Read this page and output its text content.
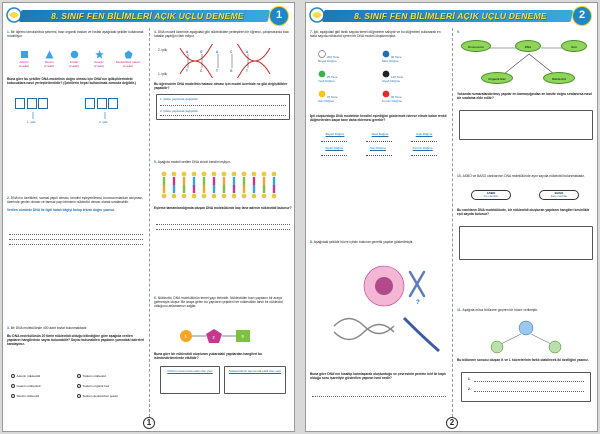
8. SINIF FEN BİLİMLERİ AÇIK UÇLU DENEME	1
1.Bir öğrenci deoksiriboz şekerini, bazı organik bazları ve fosfatı aşağıdaki şekiller kullanarak modelliyor.
Adenin
(2 adet)
Sitozin
(2 adet)
Fosfat
(2 adet)
Guanin
(2 adet)
Deoksiriboz şekeri
(2 adet)
Buna göre bu şekiller DNA modelinin doğru olması için DNA'nın iplikçiklerindeki kutucuklara nasıl yerleştirilmelidir? (Şekillerin hepsi kullanılmak zorunda değildir.)
1. iplik	2. iplik
2.DNA'nın özellikleri, sarmal yapılı olması, kendini eşleyebilmesi, kromozomlardan oluşması, üzerinde genler olması ve tamsal yapı biriminin nükleotid olması olarak sıralanabilir.
Verilen cümlede DNA ile ilgili hatalı bilgiyi bulup tekrar doğru yazınız.
3.Bir DNA molekülünde 400 adet fosfat bulunmaktadır.
Bu DNA molekülünün 20 timin nükleotidi olduğu bilindiğine göre aşağıda verilen yapıların hangilerinin sayısı bulunabilir? Sayısı bulunabilen yapıların yanındaki daireleri karalayınız.
Adenin nükleotidi	Toplam nükleotid
Guanin nükleotidi	Toplam organik baz
Sitozin nükleotid	Toplam deoksiriboz şekeri
4.DNA modeli üzerinde aşağıdaki gibi nükleotidleri yerleştiren bir öğrenci, çalışmasında bazı hatalar yaptığını fark ediyor.
2. iplik
1. iplik
A	G	A	C	A
T	C	T	G	T
Bu öğrencinin DNA modelinin hatasız olması için model üzerinde ne gibi değişiklikler yapabilir?
1. iplikte yapılacak değişiklik:
2. iplikte yapılacak değişiklik:
5.Aşağıda modeli verilen DNA zinciri kendini eşliyor.
Eşleme tamamlandığında oluşan DNA molekülünde kaç tane adenin nükleotidi bulunur?
6.Nükleotid, DNA molekülünün temel yapı birimidir. Nükleotidler bazı yapıların bir araya gelmesiyle oluşur. Bir araya gelen bu yapıların çeşitleri her nükleotidin farklı bir nükleotid olduğunu anlamamızı sağlar.
1	2	3
Buna göre bir nükleotidi oluşturan yukarıdaki yapılardan hangileri bu isimlendirilmelerde etkilidir?
DNA'nın tanımında etkili olan yapı	Nükleotidlerin tanımında etkili olan yapı
1
8. SINIF FEN BİLİMLERİ AÇIK UÇLU DENEME	2
7.İpil, aşağıdaki gibi farklı sayıda temel düğmelere sahiptir ve bu düğmeleri kullanarak en fazla sayıda nükleotid içeren bir DNA modeli oluşturmuştur.
200 Tane
Beyaz Düğme
30 Tane
Mavi Düğme
25 Tane
Yeşil Düğme
120 Tane
Siyah Düğme
70 Tane
Sarı Düğme
30 Tane
Kırmızı Düğme
İpil oluşturduğu DNA modelinin kendini eşlediğini göstermek isterse elinde kalan renkli düğmelerden kaçar tane daha eklemesi gerekir?
Beyaz Düğme	Mavi Düğme	Yeşil Düğme
Siyah Düğme	Sarı Düğme	Kırmızı Düğme
8.Aşağıdaki şekilde hücre içinde bulunan genetik yapılar gösterilmiştir.
?
Buna göre DNA'nın kısaltıp kalınlaşarak oluşturduğu ve çevresinin protein kılıf ile kaplı olduğu soru işaretiyle gösterilen yapının ismi nedir?
9.
Kromozom	DNA	Gen
Organik Baz	Nükleotid
Yukarıda numaralandırılmış yapılar en karmaşığından en basite doğru sıralanırsa nasıl bir sıralama elde edilir?
10.ASBO ve BASO canlılarının DNA molekülünde aynı sayıda nükleotid bulunmaktadır.
ASBO
bu canlılar
BASO
karo canlılar
Bu canlıların DNA molekülünde, bir nükleotidi oluşturan yapıların hangileri kesinlikle eşit sayıda bulunur?
11.Aşağıda mitoz bölünme geçiren bir hücre verilmiştir.
Bu bölünme sonucu oluşan K ve L hücrelerinin farklı olabilecek iki özelliğini yazınız.
1.
2.
2
